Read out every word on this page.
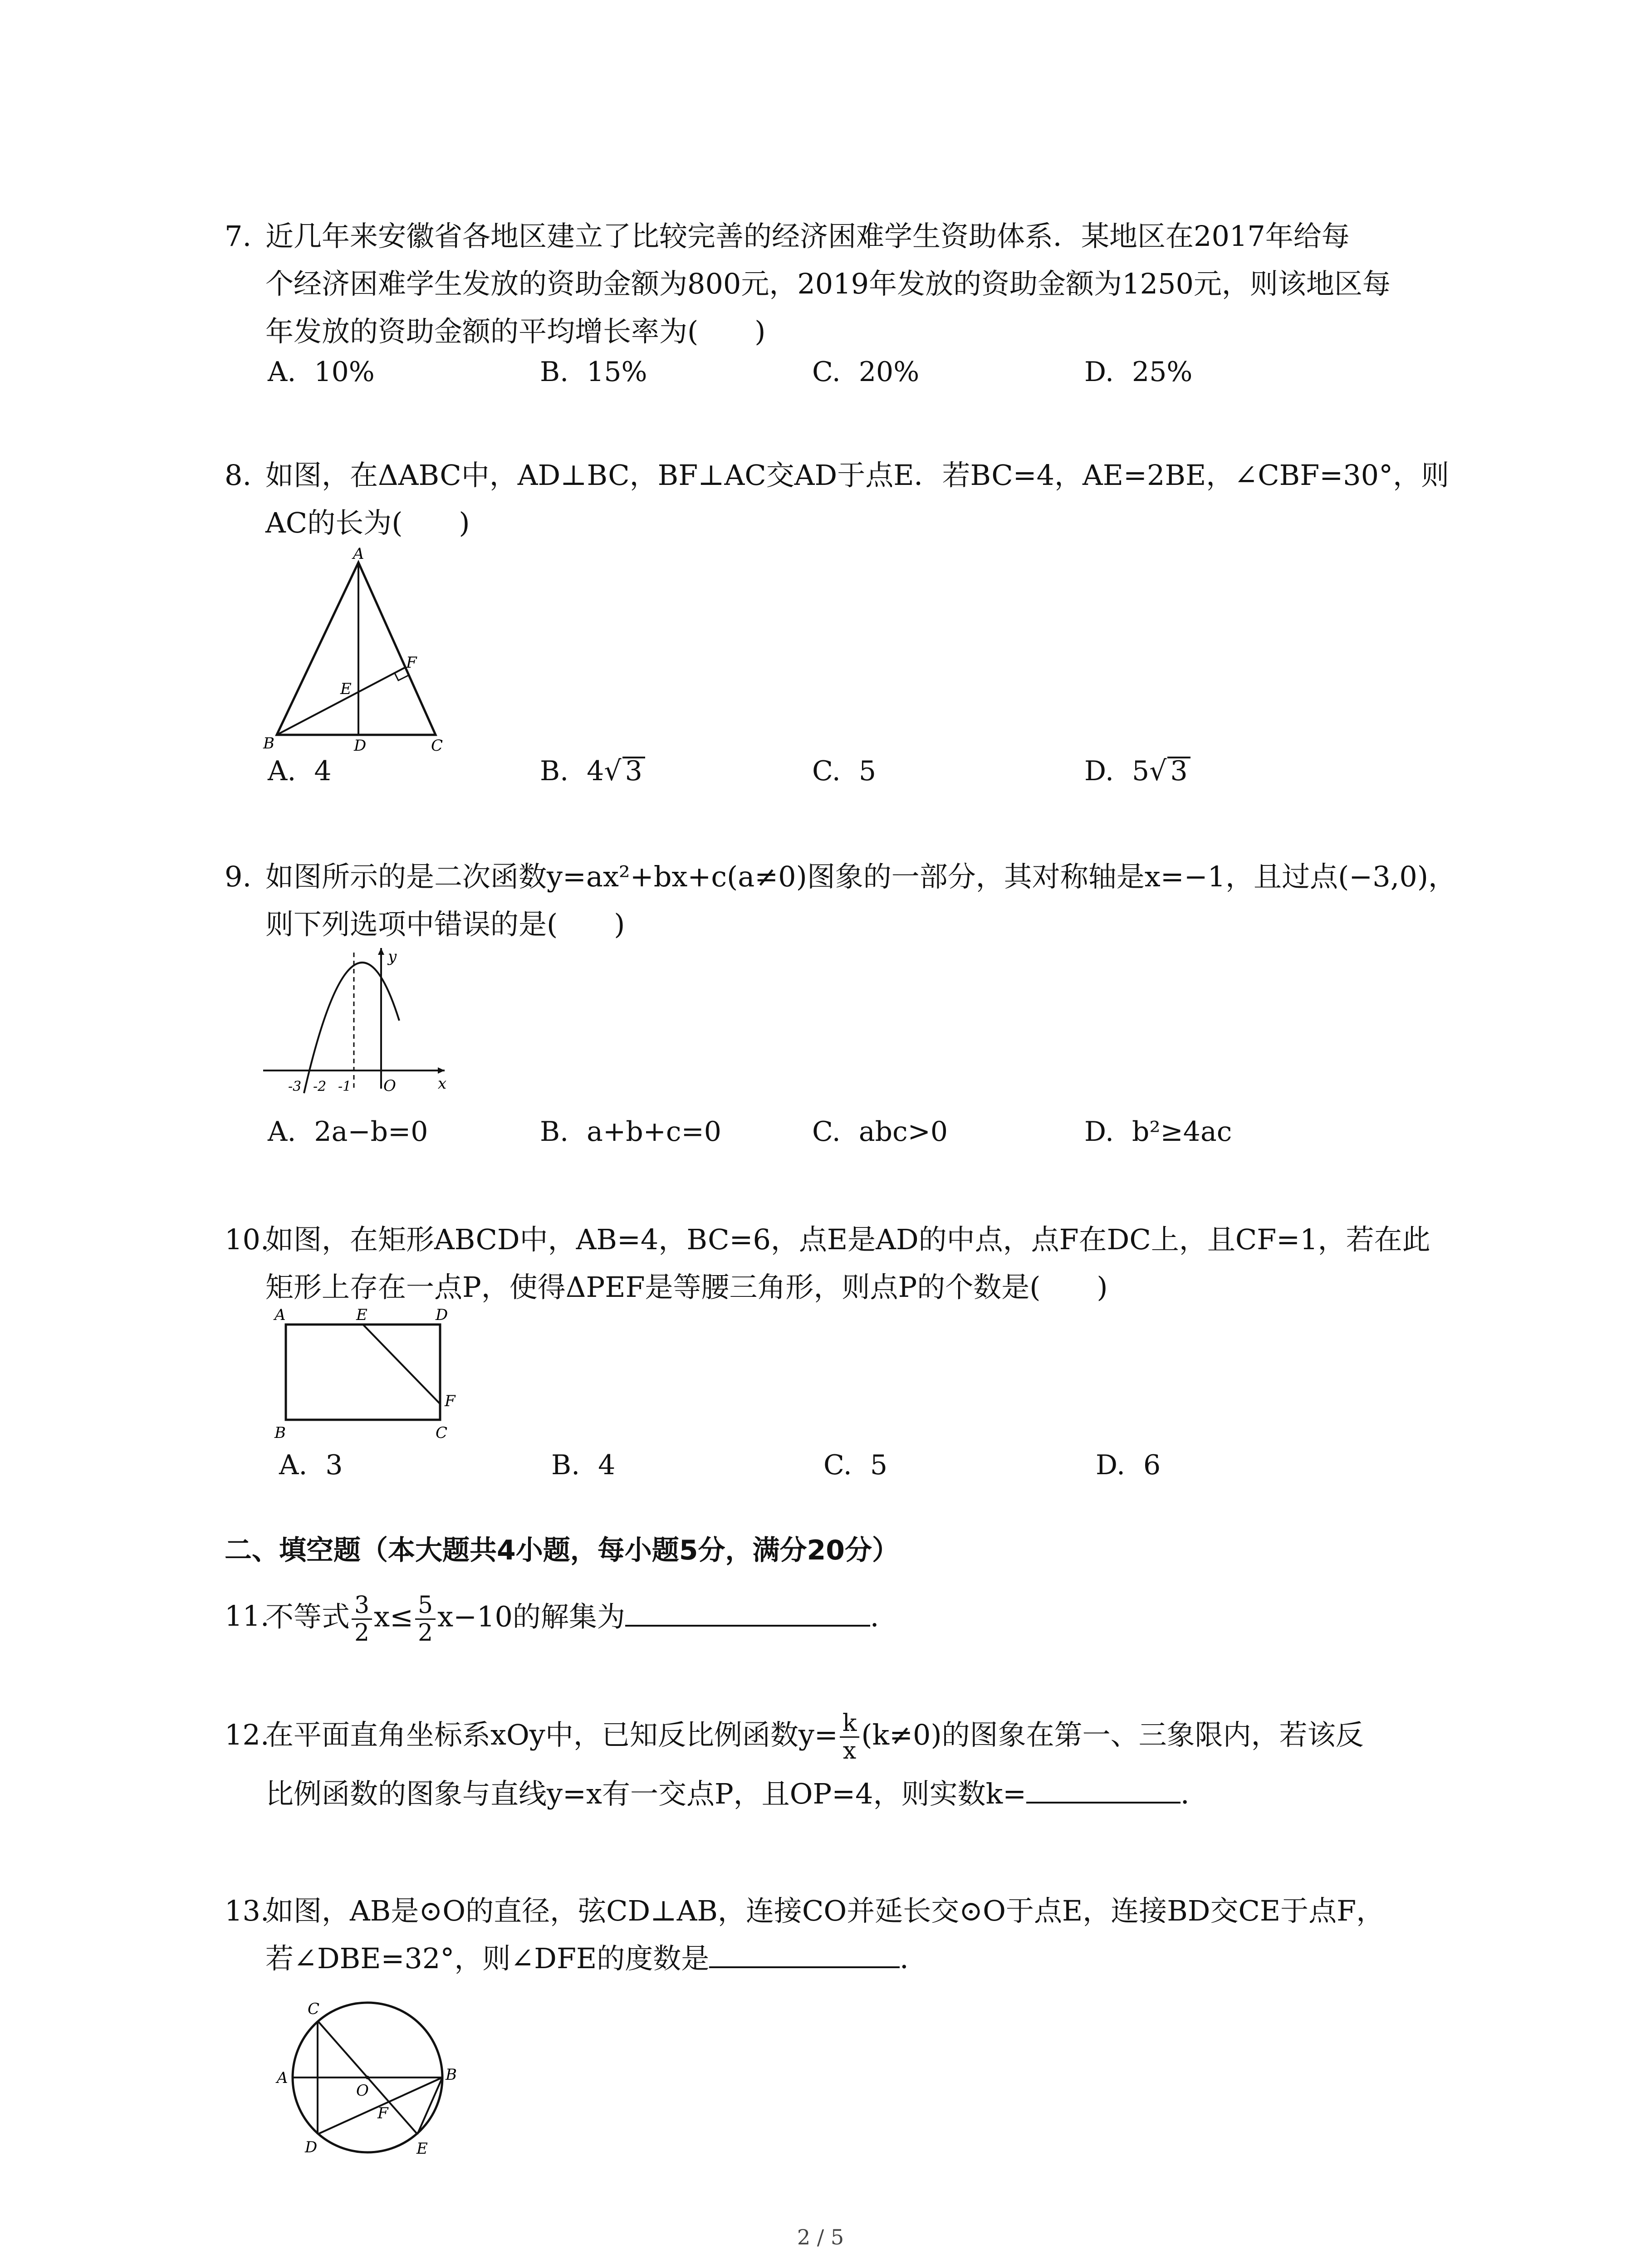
7. 近几年来安徽省各地区建立了比较完善的经济困难学生资助体系．某地区在2017年给每
个经济困难学生发放的资助金额为800元，2019年发放的资助金额为1250元，则该地区每
年发放的资助金额的平均增长率为(　　)
A. 10%	B. 15%	C. 20%	D. 25%
8. 如图，在ΔABC中，AD⊥BC，BF⊥AC交AD于点E．若BC=4，AE=2BE，∠CBF=30°，则
AC的长为(　　)
A
B	D	C
E
F
A. 4	B. 4√ 3	C. 5	D. 5√ 3
9. 如图所示的是二次函数y=ax²+bx+c(a≠0)图象的一部分，其对称轴是x=−1，且过点(−3,0)，
则下列选项中错误的是(　　)
y
x
O
-3 -2 -1
A. 2a−b=0	B. a+b+c=0	C. abc>0	D. b²≥4ac
10.
如图，在矩形ABCD中，AB=4，BC=6，点E是AD的中点，点F在DC上，且CF=1，若在此
矩形上存在一点P，使得ΔPEF是等腰三角形，则点P的个数是(　　)
A	E	D
F
B	C
A. 3	B. 4	C. 5	D. 6
二、填空题（本大题共4小题，每小题5分，满分20分）
11.
不等式 $\frac{3}{2} x\le \frac{5}{2} x-10$的解集为	．
12.
在平面直角坐标系xOy中，已知反比例函数$y= \frac{k}{x} (k\ne 0)$的图象在第一、三象限内，若该反
比例函数的图象与直线y=x有一交点P，且OP=4，则实数k=	．
13.
如图，AB是⊙O的直径，弦CD⊥AB，连接CO并延长交⊙O于点E，连接BD交CE于点F，
若∠DBE=32°，则∠DFE的度数是	．
C
A
O
B
F
D	E
2 / 5
